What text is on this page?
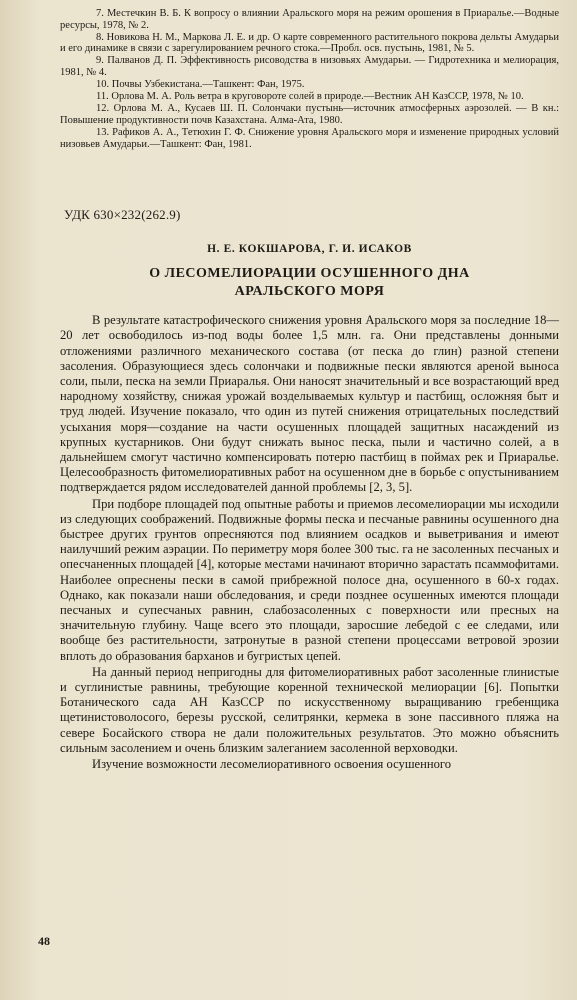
7. Местечкин В. Б. К вопросу о влиянии Аральского моря на режим орошения в Приаралье.—Водные ресурсы, 1978, № 2.

8. Новикова Н. М., Маркова Л. Е. и др. О карте современного растительного покрова дельты Амударьи и его динамике в связи с зарегулированием речного стока.—Пробл. осв. пустынь, 1981, № 5.

9. Палванов Д. П. Эффективность рисоводства в низовьях Амударьи. — Гидротехника и мелиорация, 1981, № 4.

10. Почвы Узбекистана.—Ташкент: Фан, 1975.

11. Орлова М. А. Роль ветра в круговороте солей в природе.—Вестник АН КазССР, 1978, № 10.

12. Орлова М. А., Кусаев Ш. П. Солончаки пустынь—источник атмосферных аэрозолей. — В кн.: Повышение продуктивности почв Казахстана. Алма-Ата, 1980.

13. Рафиков А. А., Тетюхин Г. Ф. Снижение уровня Аральского моря и изменение природных условий низовьев Амударьи.—Ташкент: Фан, 1981.

УДК 630×232(262.9)
Н. Е. КОКШАРОВА, Г. И. ИСАКОВ
О ЛЕСОМЕЛИОРАЦИИ ОСУШЕННОГО ДНА
АРАЛЬСКОГО МОРЯ

В результате катастрофического снижения уровня Аральского моря за последние 18—20 лет освободилось из-под воды более 1,5 млн. га. Они представлены донными отложениями различного механического состава (от песка до глин) разной степени засоления. Образующиеся здесь солончаки и подвижные пески являются ареной выноса соли, пыли, песка на земли Приаралья. Они наносят значительный и все возрастающий вред народному хозяйству, снижая урожай возделываемых культур и пастбищ, осложняя быт и труд людей. Изучение показало, что один из путей снижения отрицательных последствий усыхания моря—создание на части осушенных площадей защитных насаждений из крупных кустарников. Они будут снижать вынос песка, пыли и частично солей, а в дальнейшем смогут частично компенсировать потерю пастбищ в поймах рек и Приаралье. Целесообразность фитомелиоративных работ на осушенном дне в борьбе с опустыниванием подтверждается рядом исследователей данной проблемы [2, 3, 5].

При подборе площадей под опытные работы и приемов лесомелиорации мы исходили из следующих соображений. Подвижные формы песка и песчаные равнины осушенного дна быстрее других грунтов опресняются под влиянием осадков и выветривания и имеют наилучший режим аэрации. По периметру моря более 300 тыс. га не засоленных песчаных и опесчаненных площадей [4], которые местами начинают вторично зарастать псаммофитами. Наиболее опреснены пески в самой прибрежной полосе дна, осушенного в 60-х годах. Однако, как показали наши обследования, и среди позднее осушенных имеются площади песчаных и супесчаных равнин, слабозасоленных с поверхности или пресных на значительную глубину. Чаще всего это площади, заросшие лебедой с ее следами, или вообще без растительности, затронутые в разной степени процессами ветровой эрозии вплоть до образования барханов и бугристых цепей.

На данный период непригодны для фитомелиоративных работ засоленные глинистые и суглинистые равнины, требующие коренной технической мелиорации [6]. Попытки Ботанического сада АН КазССР по искусственному выращиванию гребенщика щетинистоволосого, березы русской, селитрянки, кермека в зоне пассивного пляжа на севере Босайского створа не дали положительных результатов. Это можно объяснить сильным засолением и очень близким залеганием засоленной верховодки.

Изучение возможности лесомелиоративного освоения осушенного

48
